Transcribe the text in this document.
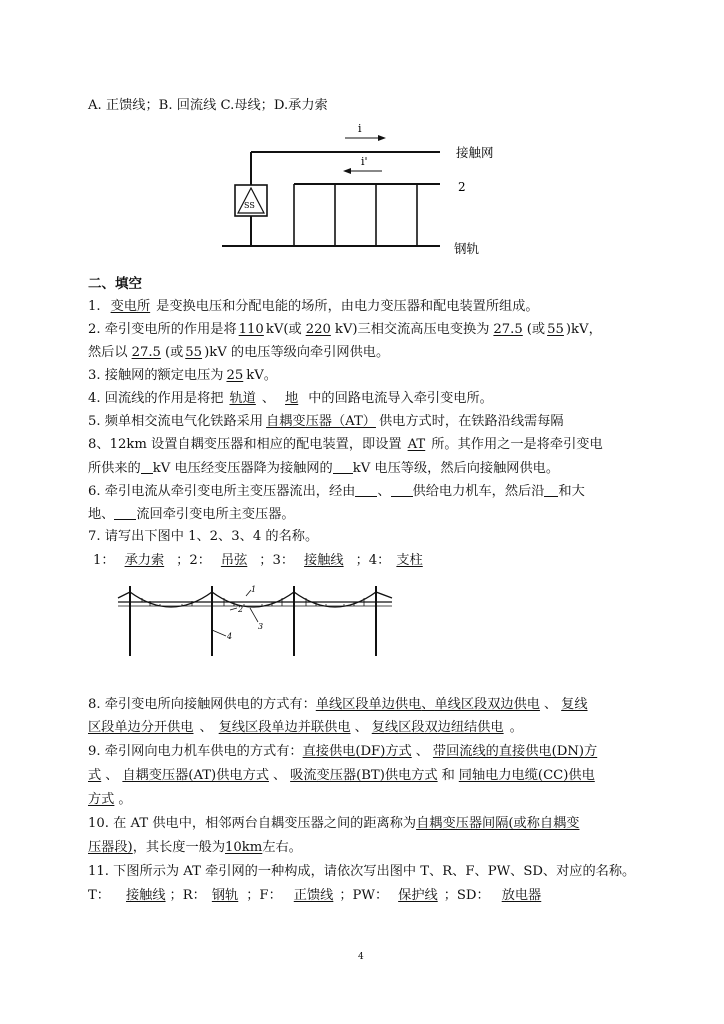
A. 正馈线；B. 回流线 C.母线；D.承力索
SS
i
i'
接触网
2
钢轨
二、填空
1. 变电所 是变换电压和分配电能的场所，由电力变压器和配电装置所组成。
2. 牵引变电所的作用是将 110 kV(或 220 kV)三相交流高压电变换为 27.5 (或 55 )kV，
然后以 27.5 (或 55 )kV 的电压等级向牵引网供电。
3. 接触网的额定电压为 25 kV。
4. 回流线的作用是将把 轨道 、 地 中的回路电流导入牵引变电所。
5. 频单相交流电气化铁路采用 自耦变压器（AT） 供电方式时，在铁路沿线需每隔
8、12km 设置自耦变压器和相应的配电装置，即设置 AT 所。其作用之一是将牵引变电
所供来的 kV 电压经变压器降为接触网的 kV 电压等级，然后向接触网供电。
6. 牵引电流从牵引变电所主变压器流出，经由 、 供给电力机车，然后沿 和大
地、 流回牵引变电所主变压器。
7. 请写出下图中 1、2、3、4 的名称。
1： 承力索 ；2： 吊弦 ；3： 接触线 ；4： 支柱
1
2
3
4
8. 牵引变电所向接触网供电的方式有：单线区段单边供电、单线区段双边供电 、 复线
区段单边分开供电 、 复线区段单边并联供电 、 复线区段双边纽结供电 。
9. 牵引网向电力机车供电的方式有：直接供电(DF)方式 、 带回流线的直接供电(DN)方
式 、 自耦变压器(AT)供电方式 、 吸流变压器(BT)供电方式 和 同轴电力电缆(CC)供电
方式 。
10. 在 AT 供电中，相邻两台自耦变压器之间的距离称为自耦变压器间隔(或称自耦变
压器段)，其长度一般为10km左右。
11. 下图所示为 AT 牵引网的一种构成，请依次写出图中 T、R、F、PW、SD、对应的名称。
T： 接触线 ；R： 钢轨 ；F： 正馈线 ；PW： 保护线 ；SD： 放电器
4
